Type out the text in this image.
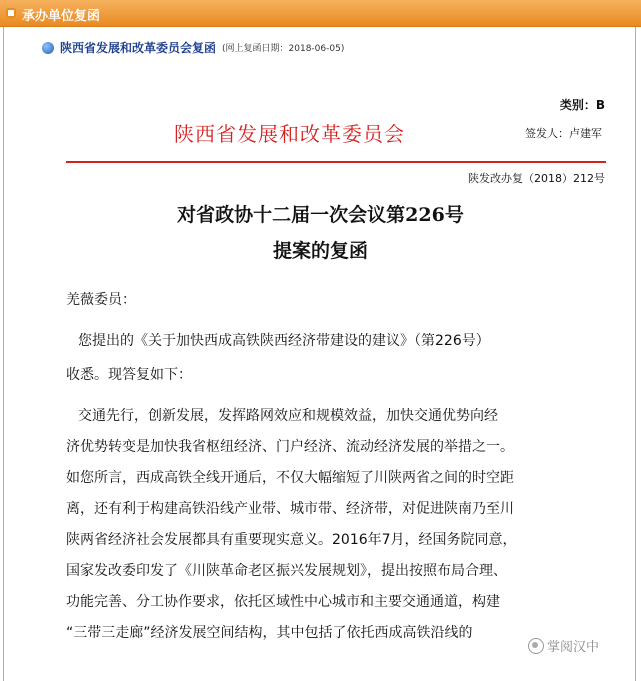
承办单位复函
陕西省发展和改革委员会复函 (网上复函日期：2018-06-05)
类别：B
陕西省发展和改革委员会	签发人：卢建军
陕发改办复（2018）212号
对省政协十二届一次会议第226号
提案的复函
羌薇委员：
您提出的《关于加快西成高铁陕西经济带建设的建议》（第226号）
收悉。现答复如下：
交通先行，创新发展，发挥路网效应和规模效益，加快交通优势向经
济优势转变是加快我省枢纽经济、门户经济、流动经济发展的举措之一。
如您所言，西成高铁全线开通后，不仅大幅缩短了川陕两省之间的时空距
离，还有利于构建高铁沿线产业带、城市带、经济带，对促进陕南乃至川
陕两省经济社会发展都具有重要现实意义。2016年7月，经国务院同意，
国家发改委印发了《川陕革命老区振兴发展规划》，提出按照布局合理、
功能完善、分工协作要求，依托区域性中心城市和主要交通通道，构建
“三带三走廊”经济发展空间结构，其中包括了依托西成高铁沿线的
掌阅汉中
